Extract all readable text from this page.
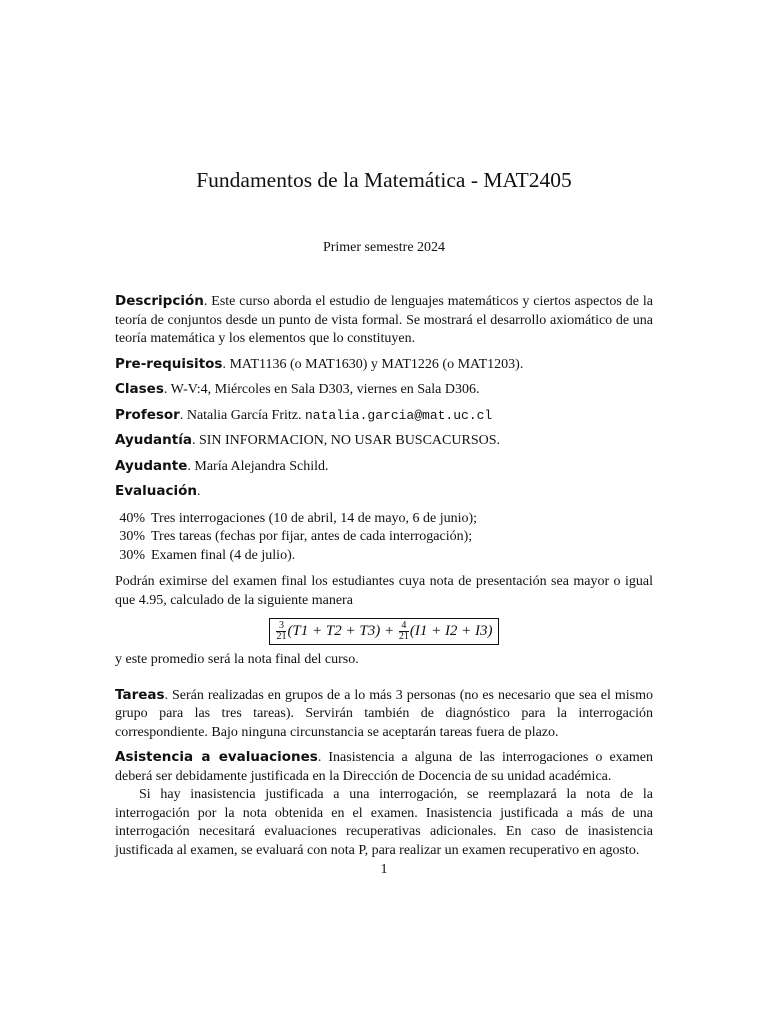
Fundamentos de la Matemática - MAT2405
Primer semestre 2024

Descripción. Este curso aborda el estudio de lenguajes matemáticos y ciertos aspectos de la teoría de conjuntos desde un punto de vista formal. Se mostrará el desarrollo axiomático de una teoría matemática y los elementos que lo constituyen.

Pre-requisitos. MAT1136 (o MAT1630) y MAT1226 (o MAT1203).

Clases. W-V:4, Miércoles en Sala D303, viernes en Sala D306.

Profesor. Natalia García Fritz. natalia.garcia@mat.uc.cl

Ayudantía. SIN INFORMACION, NO USAR BUSCACURSOS.

Ayudante. María Alejandra Schild.

Evaluación.

40% Tres interrogaciones (10 de abril, 14 de mayo, 6 de junio);
30% Tres tareas (fechas por fijar, antes de cada interrogación);
30% Examen final (4 de julio).

Podrán eximirse del examen final los estudiantes cuya nota de presentación sea mayor o igual que 4.95, calculado de la siguiente manera

$\frac{3}{21} (T1 + T2 + T3) + \frac{4}{21} (I1 + I2 + I3)$

y este promedio será la nota final del curso.

Tareas. Serán realizadas en grupos de a lo más 3 personas (no es necesario que sea el mismo grupo para las tres tareas). Servirán también de diagnóstico para la interrogación correspondiente. Bajo ninguna circunstancia se aceptarán tareas fuera de plazo.

Asistencia a evaluaciones. Inasistencia a alguna de las interrogaciones o examen deberá ser debidamente justificada en la Dirección de Docencia de su unidad académica.

Si hay inasistencia justificada a una interrogación, se reemplazará la nota de la interrogación por la nota obtenida en el examen. Inasistencia justificada a más de una interrogación necesitará evaluaciones recuperativas adicionales. En caso de inasistencia justificada al examen, se evaluará con nota P, para realizar un examen recuperativo en agosto.

1
